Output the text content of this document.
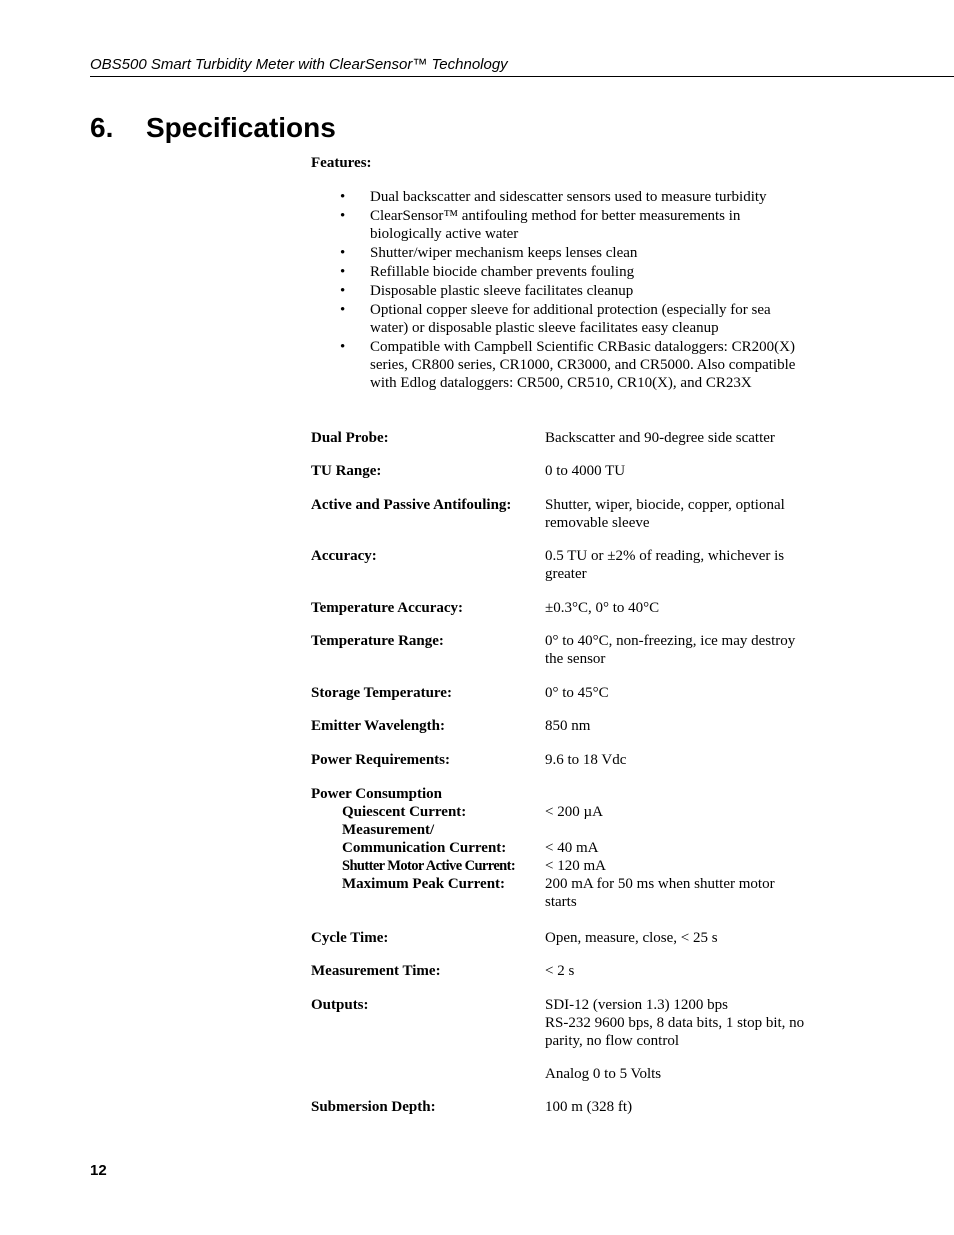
OBS500 Smart Turbidity Meter with ClearSensor™ Technology
6. Specifications
Features:
• Dual backscatter and sidescatter sensors used to measure turbidity
• ClearSensor™ antifouling method for better measurements in biologically active water
• Shutter/wiper mechanism keeps lenses clean
• Refillable biocide chamber prevents fouling
• Disposable plastic sleeve facilitates cleanup
• Optional copper sleeve for additional protection (especially for sea water) or disposable plastic sleeve facilitates easy cleanup
• Compatible with Campbell Scientific CRBasic dataloggers: CR200(X) series, CR800 series, CR1000, CR3000, and CR5000. Also compatible with Edlog dataloggers: CR500, CR510, CR10(X), and CR23X
Dual Probe:	Backscatter and 90-degree side scatter
TU Range:	0 to 4000 TU
Active and Passive Antifouling:	Shutter, wiper, biocide, copper, optional removable sleeve
Accuracy:	0.5 TU or ±2% of reading, whichever is greater
Temperature Accuracy:	±0.3°C, 0° to 40°C
Temperature Range:	0° to 40°C, non-freezing, ice may destroy the sensor
Storage Temperature:	0° to 45°C
Emitter Wavelength:	850 nm
Power Requirements:	9.6 to 18 Vdc
Power Consumption
Quiescent Current:	< 200 µA
Measurement/
Communication Current:	< 40 mA
Shutter Motor Active Current: < 120 mA
Maximum Peak Current:	200 mA for 50 ms when shutter motor starts
Cycle Time:	Open, measure, close, < 25 s
Measurement Time:	< 2 s
Outputs:	SDI-12 (version 1.3) 1200 bps
RS-232 9600 bps, 8 data bits, 1 stop bit, no parity, no flow control
Analog 0 to 5 Volts
Submersion Depth:	100 m (328 ft)
12
